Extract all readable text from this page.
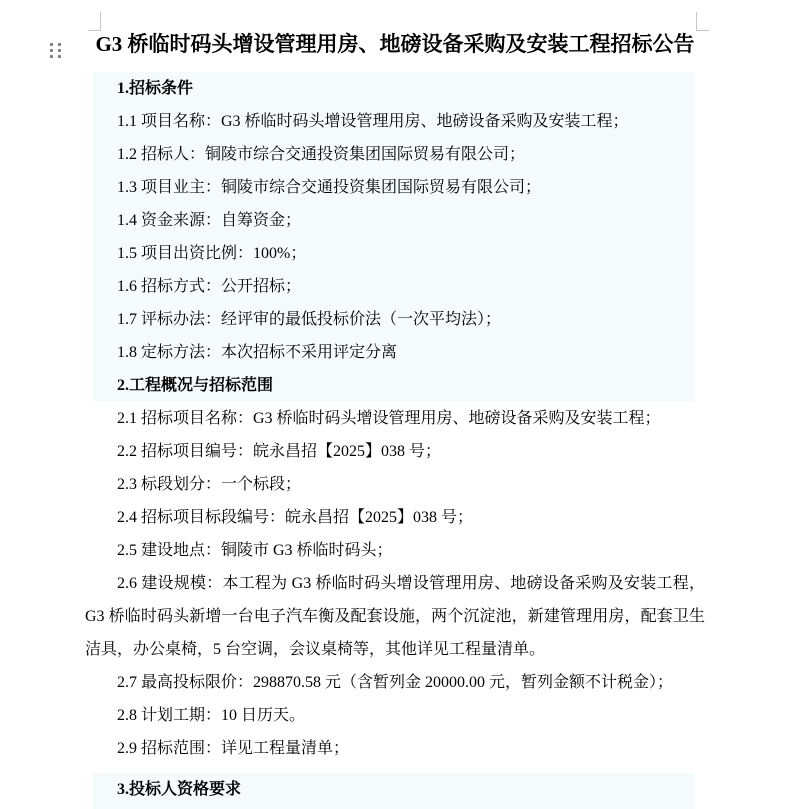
G3 桥临时码头增设管理用房、地磅设备采购及安装工程招标公告
1.招标条件
1.1 项目名称：G3 桥临时码头增设管理用房、地磅设备采购及安装工程；
1.2 招标人：铜陵市综合交通投资集团国际贸易有限公司；
1.3 项目业主：铜陵市综合交通投资集团国际贸易有限公司；
1.4 资金来源：自筹资金；
1.5 项目出资比例：100%；
1.6 招标方式：公开招标；
1.7 评标办法：经评审的最低投标价法（一次平均法）；
1.8 定标方法：本次招标不采用评定分离
2.工程概况与招标范围
2.1 招标项目名称：G3 桥临时码头增设管理用房、地磅设备采购及安装工程；
2.2 招标项目编号：皖永昌招【2025】038 号；
2.3 标段划分：一个标段；
2.4 招标项目标段编号：皖永昌招【2025】038 号；
2.5 建设地点：铜陵市 G3 桥临时码头；
2.6 建设规模：本工程为 G3 桥临时码头增设管理用房、地磅设备采购及安装工程，G3 桥临时码头新增一台电子汽车衡及配套设施，两个沉淀池，新建管理用房，配套卫生洁具，办公桌椅，5 台空调，会议桌椅等，其他详见工程量清单。
2.7 最高投标限价：298870.58 元（含暂列金 20000.00 元，暂列金额不计税金）；
2.8 计划工期：10 日历天。
2.9 招标范围：详见工程量清单；
3.投标人资格要求
